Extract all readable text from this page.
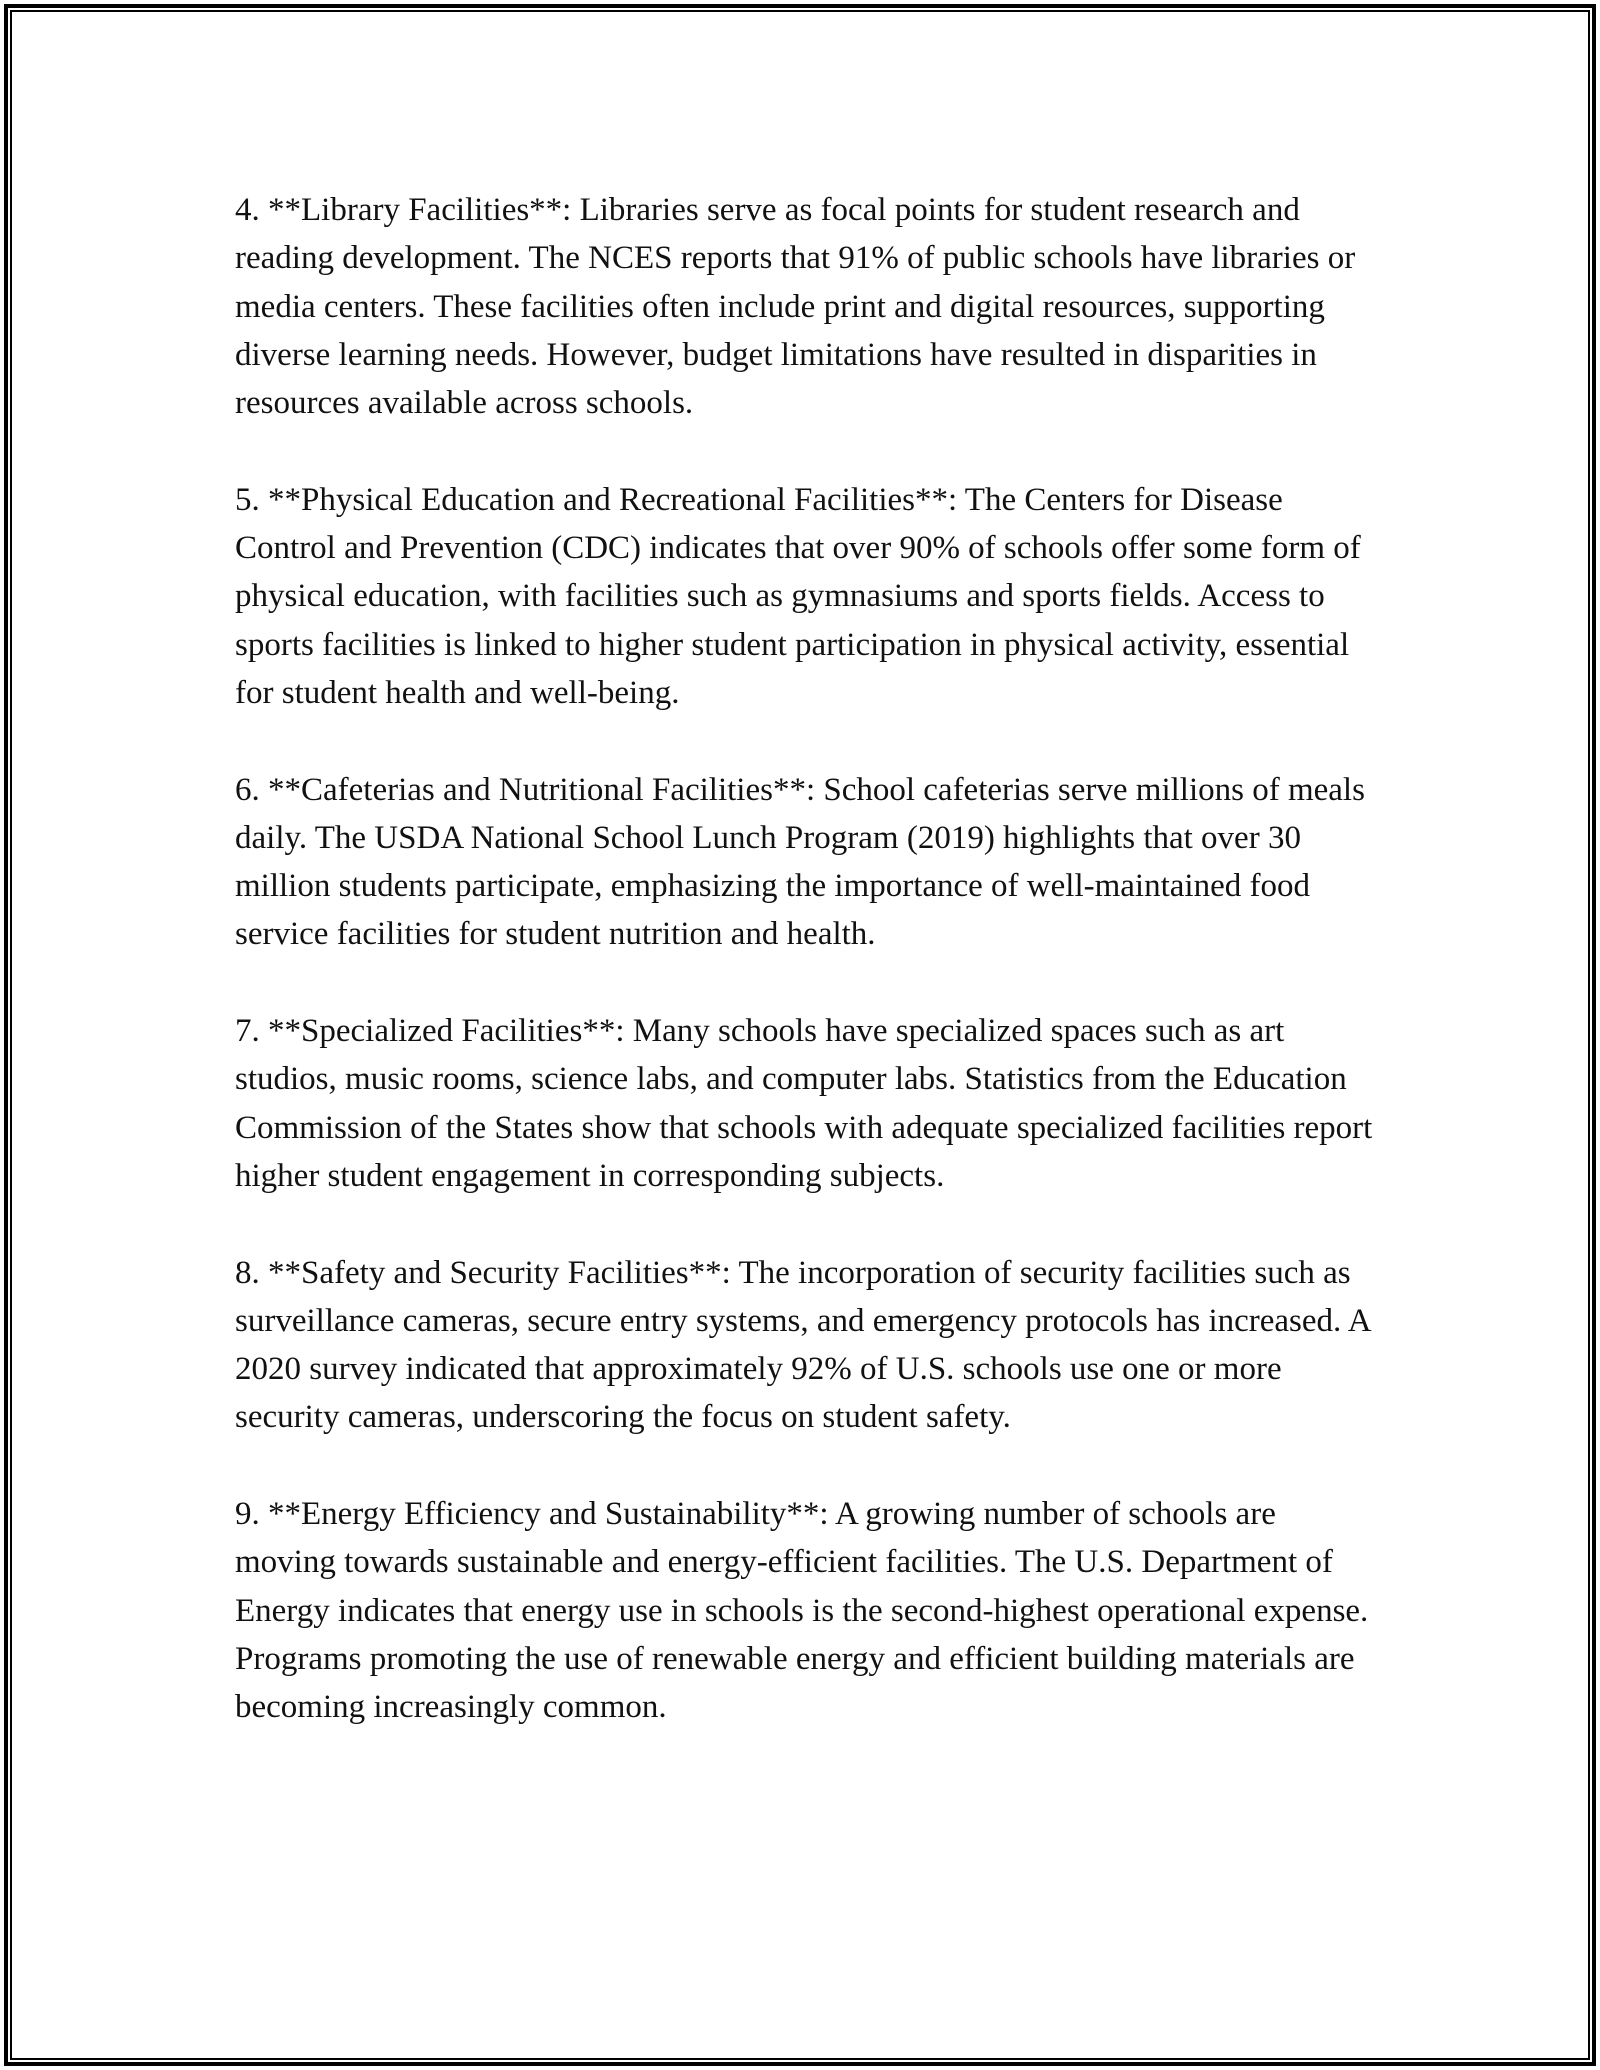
4. **Library Facilities**: Libraries serve as focal points for student research and reading development. The NCES reports that 91% of public schools have libraries or media centers. These facilities often include print and digital resources, supporting diverse learning needs. However, budget limitations have resulted in disparities in resources available across schools.

5. **Physical Education and Recreational Facilities**: The Centers for Disease Control and Prevention (CDC) indicates that over 90% of schools offer some form of physical education, with facilities such as gymnasiums and sports fields. Access to sports facilities is linked to higher student participation in physical activity, essential for student health and well-being.

6. **Cafeterias and Nutritional Facilities**: School cafeterias serve millions of meals daily. The USDA National School Lunch Program (2019) highlights that over 30 million students participate, emphasizing the importance of well-maintained food service facilities for student nutrition and health.

7. **Specialized Facilities**: Many schools have specialized spaces such as art studios, music rooms, science labs, and computer labs. Statistics from the Education Commission of the States show that schools with adequate specialized facilities report higher student engagement in corresponding subjects.

8. **Safety and Security Facilities**: The incorporation of security facilities such as surveillance cameras, secure entry systems, and emergency protocols has increased. A 2020 survey indicated that approximately 92% of U.S. schools use one or more security cameras, underscoring the focus on student safety.

9. **Energy Efficiency and Sustainability**: A growing number of schools are moving towards sustainable and energy-efficient facilities. The U.S. Department of Energy indicates that energy use in schools is the second-highest operational expense. Programs promoting the use of renewable energy and efficient building materials are becoming increasingly common.
